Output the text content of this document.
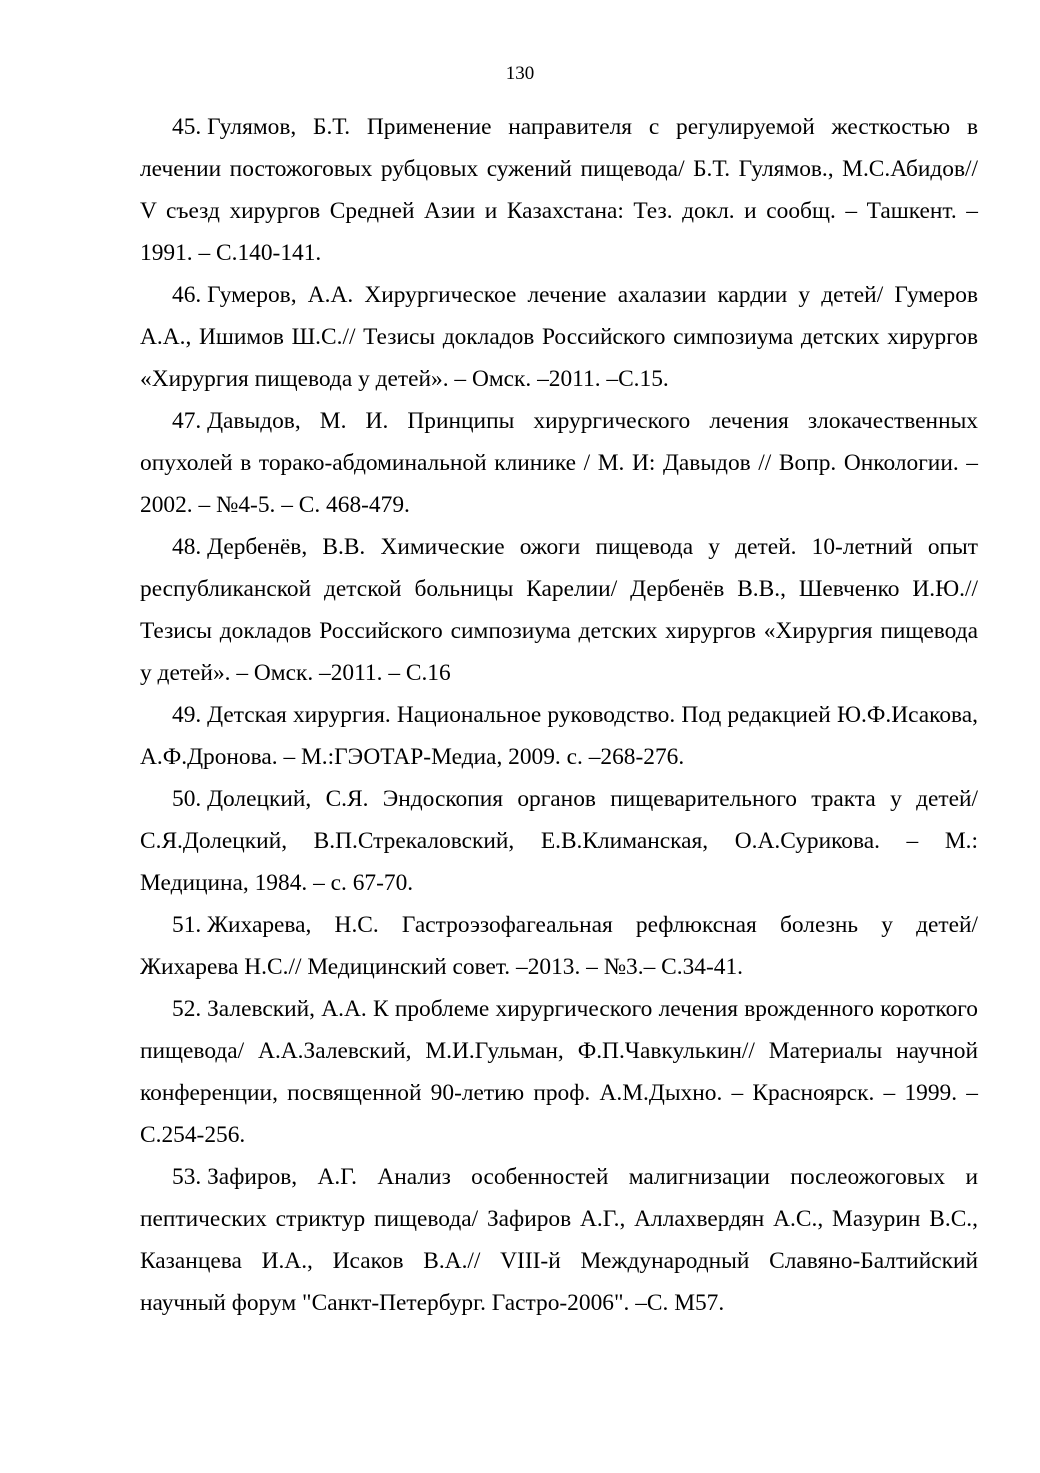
130

45. Гулямов, Б.Т. Применение направителя с регулируемой жесткостью в лечении постожоговых рубцовых сужений пищевода/ Б.Т. Гулямов., М.С.Абидов// V съезд хирургов Средней Азии и Казахстана: Тез. докл. и сообщ. – Ташкент. – 1991. – С.140-141.

46. Гумеров, А.А. Хирургическое лечение ахалазии кардии у детей/ Гумеров А.А., Ишимов Ш.С.// Тезисы докладов Российского симпозиума детских хирургов «Хирургия пищевода у детей». – Омск. –2011. –С.15.

47. Давыдов, М. И. Принципы хирургического лечения злокачественных опухолей в торако-абдоминальной клинике / М. И: Давыдов // Вопр. Онкологии. – 2002. – №4-5. – С. 468-479.

48. Дербенёв, В.В. Химические ожоги пищевода у детей. 10-летний опыт республиканской детской больницы Карелии/ Дербенёв В.В., Шевченко И.Ю.// Тезисы докладов Российского симпозиума детских хирургов «Хирургия пищевода у детей». – Омск. –2011. – С.16

49. Детская хирургия. Национальное руководство. Под редакцией Ю.Ф.Исакова, А.Ф.Дронова. – М.:ГЭОТАР-Медиа, 2009. с. –268-276.

50. Долецкий, С.Я. Эндоскопия органов пищеварительного тракта у детей/ С.Я.Долецкий, В.П.Стрекаловский, Е.В.Климанская, О.А.Сурикова. – М.: Медицина, 1984. – с. 67-70.

51. Жихарева, Н.С. Гастроэзофагеальная рефлюксная болезнь у детей/ Жихарева Н.С.// Медицинский совет. –2013. – №3.– С.34-41.

52. Залевский, А.А. К проблеме хирургического лечения врожденного короткого пищевода/ А.А.Залевский, М.И.Гульман, Ф.П.Чавкулькин// Материалы научной конференции, посвященной 90-летию проф. А.М.Дыхно. – Красноярск. – 1999. – С.254-256.

53. Зафиров, А.Г. Анализ особенностей малигнизации послеожоговых и пептических стриктур пищевода/ Зафиров А.Г., Аллахвердян А.С., Мазурин В.С., Казанцева И.А., Исаков В.А.// VIII-й Международный Славяно-Балтийский научный форум "Санкт-Петербург. Гастро-2006". –С. М57.
